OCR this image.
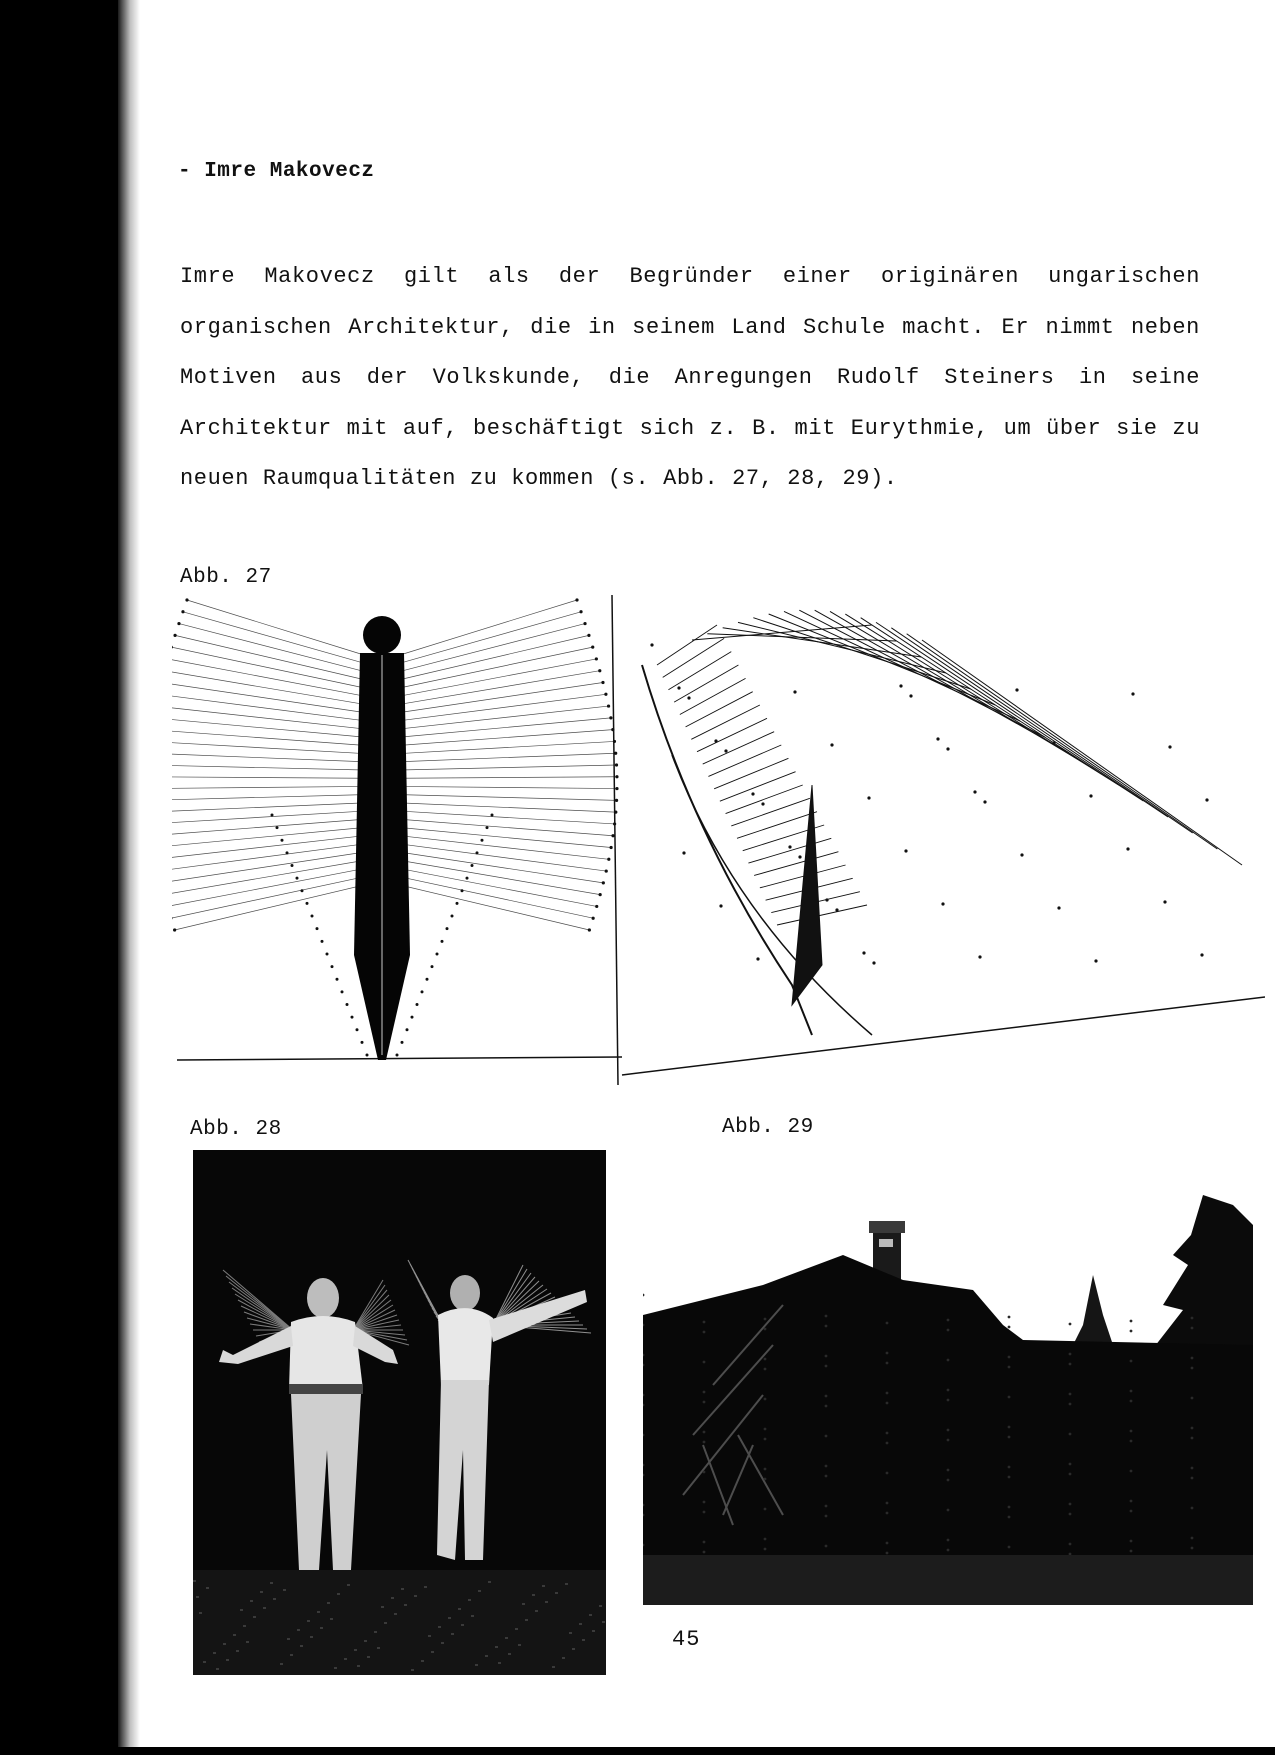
- Imre Makovecz

Imre Makovecz gilt als der Begründer einer originären ungarischen organischen Architektur, die in seinem Land Schule macht. Er nimmt neben Motiven aus der Volkskunde, die Anregungen Rudolf Steiners in seine Architektur mit auf, beschäftigt sich z. B. mit Eurythmie, um über sie zu neuen Raumqualitäten zu kommen (s. Abb. 27, 28, 29).

Abb. 27
Abb. 28	Abb. 29
45
